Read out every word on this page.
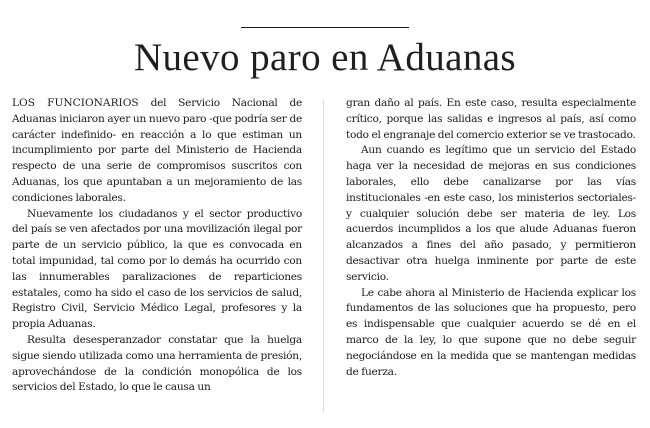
Nuevo paro en Aduanas

LOS FUNCIONARIOS del Servicio Nacional de Aduanas iniciaron ayer un nuevo paro -que podría ser de carácter indefinido- en reacción a lo que estiman un incumplimiento por parte del Ministerio de Hacienda respecto de una serie de compromisos suscritos con Aduanas, los que apuntaban a un mejoramiento de las condiciones laborales.

Nuevamente los ciudadanos y el sector productivo del país se ven afectados por una movilización ilegal por parte de un servicio público, la que es convocada en total impunidad, tal como por lo demás ha ocurrido con las innumerables paralizaciones de reparticiones estatales, como ha sido el caso de los servicios de salud, Registro Civil, Servicio Médico Legal, profesores y la propia Aduanas.

Resulta desesperanzador constatar que la huelga sigue siendo utilizada como una herramienta de presión, aprovechándose de la condición monopólica de los servicios del Estado, lo que le causa un

gran daño al país. En este caso, resulta especialmente crítico, porque las salidas e ingresos al país, así como todo el engranaje del comercio exterior se ve trastocado.

Aun cuando es legítimo que un servicio del Estado haga ver la necesidad de mejoras en sus condiciones laborales, ello debe canalizarse por las vías institucionales -en este caso, los ministerios sectoriales- y cualquier solución debe ser materia de ley. Los acuerdos incumplidos a los que alude Aduanas fueron alcanzados a fines del año pasado, y permitieron desactivar otra huelga inminente por parte de este servicio.

Le cabe ahora al Ministerio de Hacienda explicar los fundamentos de las soluciones que ha propuesto, pero es indispensable que cualquier acuerdo se dé en el marco de la ley, lo que supone que no debe seguir negociándose en la medida que se mantengan medidas de fuerza.
